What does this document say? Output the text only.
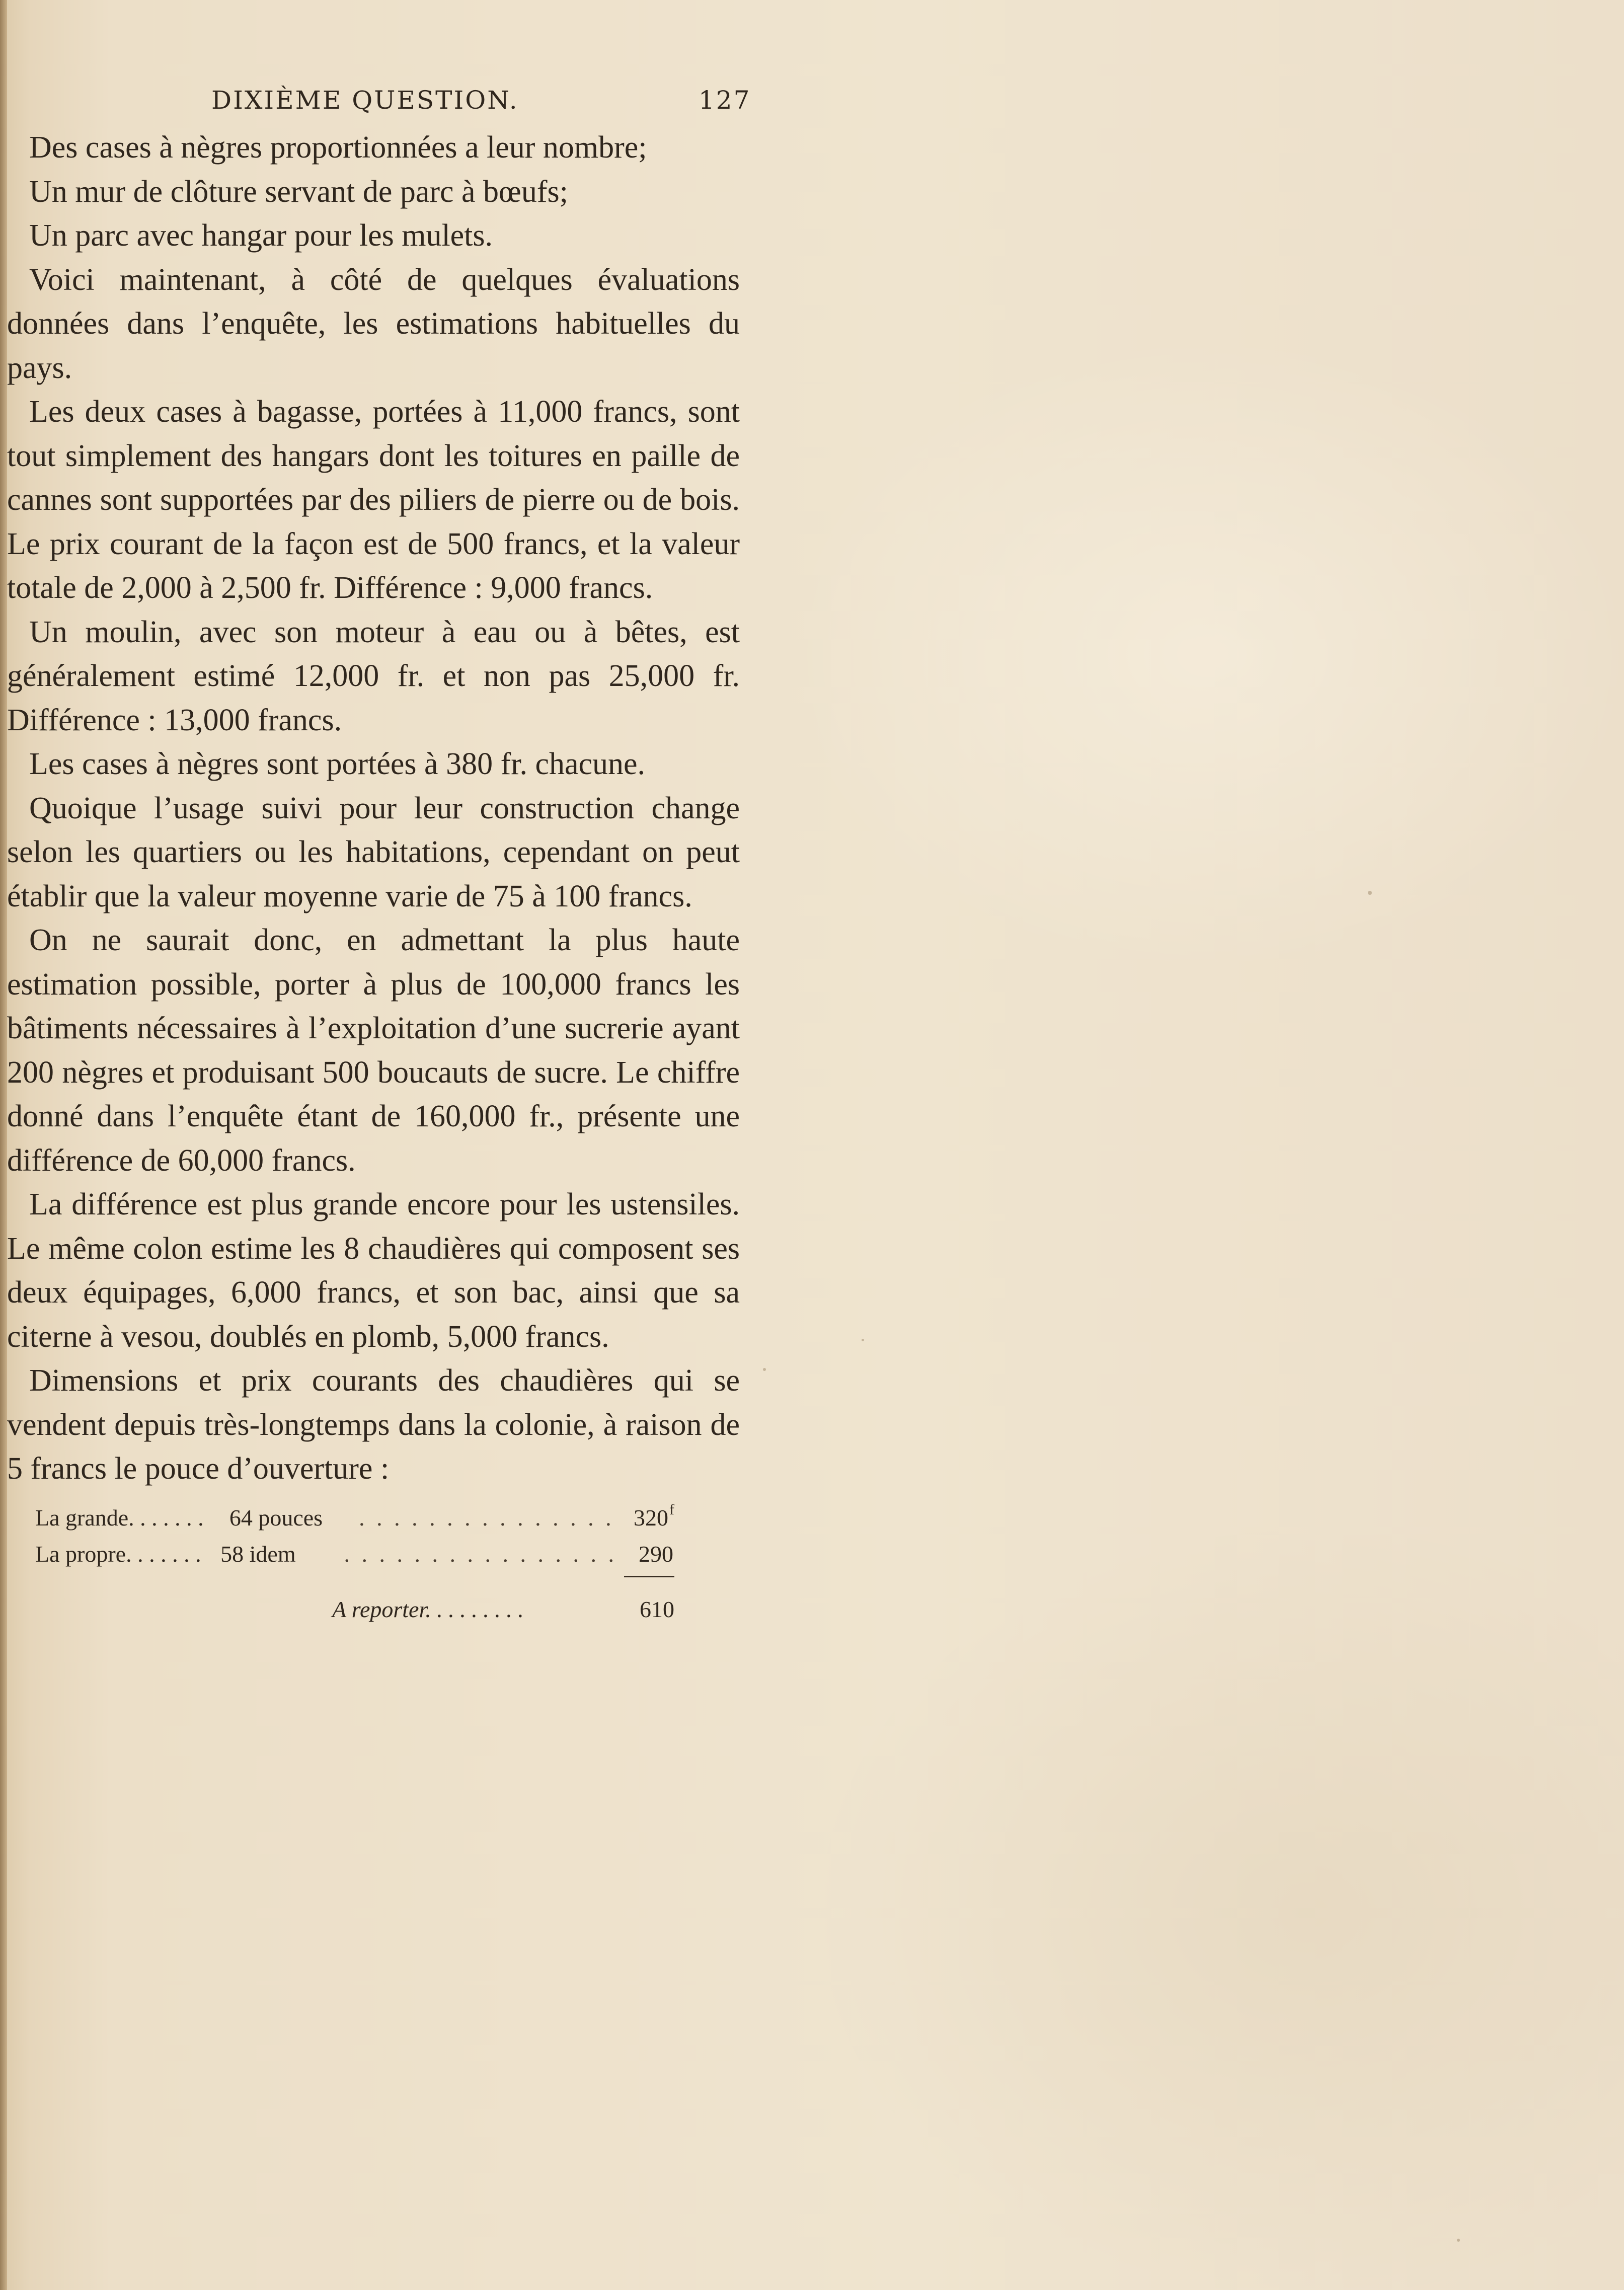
DIXIÈME QUESTION.	127

Des cases à nègres proportionnées a leur nombre;

Un mur de clôture servant de parc à bœufs;

Un parc avec hangar pour les mulets.

Voici maintenant, à côté de quelques évaluations données dans l’enquête, les estimations habituelles du pays.

Les deux cases à bagasse, portées à 11,000 francs, sont tout simplement des hangars dont les toitures en paille de cannes sont supportées par des piliers de pierre ou de bois. Le prix courant de la façon est de 500 francs, et la valeur totale de 2,000 à 2,500 fr. Différence : 9,000 francs.

Un moulin, avec son moteur à eau ou à bêtes, est généralement estimé 12,000 fr. et non pas 25,000 fr. Différence : 13,000 francs.

Les cases à nègres sont portées à 380 fr. chacune.

Quoique l’usage suivi pour leur construction change selon les quartiers ou les habitations, cependant on peut établir que la valeur moyenne varie de 75 à 100 francs.

On ne saurait donc, en admettant la plus haute estimation possible, porter à plus de 100,000 francs les bâtiments nécessaires à l’exploitation d’une sucrerie ayant 200 nègres et produisant 500 boucauts de sucre. Le chiffre donné dans l’enquête étant de 160,000 fr., présente une différence de 60,000 francs.

La différence est plus grande encore pour les ustensiles. Le même colon estime les 8 chaudières qui composent ses deux équipages, 6,000 francs, et son bac, ainsi que sa citerne à vesou, doublés en plomb, 5,000 francs.

Dimensions et prix courants des chaudières qui se vendent depuis très-longtemps dans la colonie, à raison de 5 francs le pouce d’ouverture :

La grande. . . . . . .	64 pouces	. . . . . . . . . . . . . . . 320$^f$
La propre. . . . . . . 58 idem	. . . . . . . . . . . . . . . . 290
A reporter. . . . . . . . .	610
